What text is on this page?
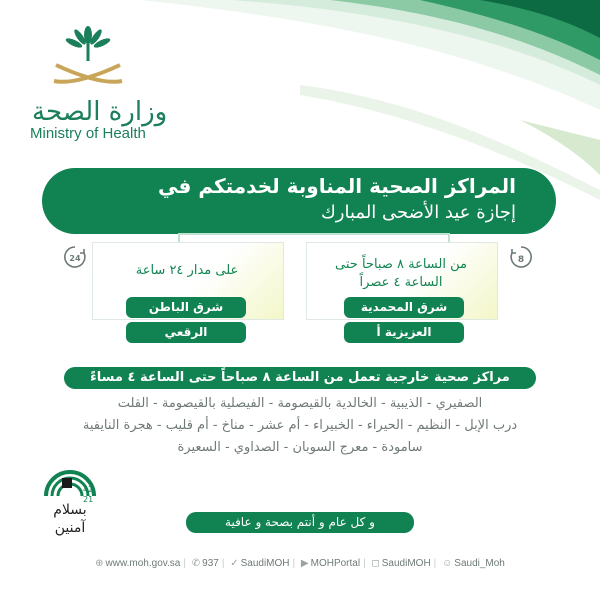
وزارة الصحة
Ministry of Health
المراكز الصحية المناوبة لخدمتكم في
إجازة عيد الأضحى المبارك
من الساعة ٨ صباحاً حتى
الساعة ٤ عصراً
8
شرق المحمدية
العزيزية أ
على مدار ٢٤ ساعة
24
شرق الباطن
الرقعي
مراكز صحية خارجية تعمل من الساعة ٨ صباحاً حتى الساعة ٤ مساءً
الصفيري - الذيبية - الخالدية بالقيصومة - الفيصلية بالقيصومة - القلت
درب الإبل - النظيم - الحيراء - الخبيراء - أم عشر - مناخ - أم قليب - هجرة النايفية
سامودة - معرج السوبان - الصداوي - السعيرة
42
21
بسلام
آمنين	و كل عام و أنتم بصحة و عافية
⊕ www.moh.gov.sa | ✆ 937 | ✓ SaudiMOH | ▶ MOHPortal | ◻ SaudiMOH | ☺ Saudi_Moh
